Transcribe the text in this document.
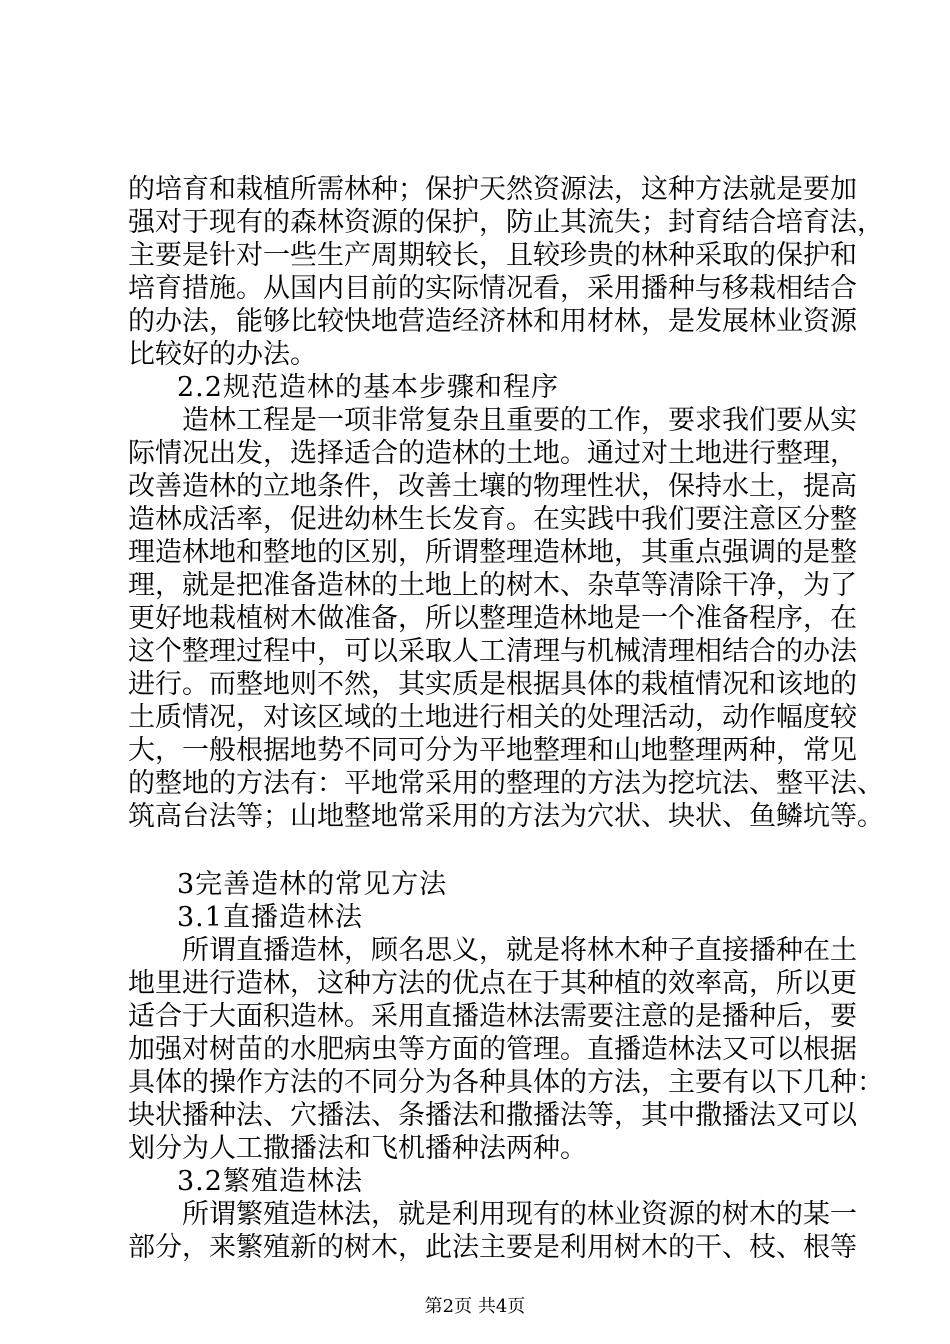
的培育和栽植所需林种；保护天然资源法，这种方法就是要加
强对于现有的森林资源的保护，防止其流失；封育结合培育法，
主要是针对一些生产周期较长，且较珍贵的林种采取的保护和
培育措施。从国内目前的实际情况看，采用播种与移栽相结合
的办法，能够比较快地营造经济林和用材林，是发展林业资源
比较好的办法。
2.2规范造林的基本步骤和程序
造林工程是一项非常复杂且重要的工作，要求我们要从实
际情况出发，选择适合的造林的土地。通过对土地进行整理，
改善造林的立地条件，改善土壤的物理性状，保持水土，提高
造林成活率，促进幼林生长发育。在实践中我们要注意区分整
理造林地和整地的区别，所谓整理造林地，其重点强调的是整
理，就是把准备造林的土地上的树木、杂草等清除干净，为了
更好地栽植树木做准备，所以整理造林地是一个准备程序，在
这个整理过程中，可以采取人工清理与机械清理相结合的办法
进行。而整地则不然，其实质是根据具体的栽植情况和该地的
土质情况，对该区域的土地进行相关的处理活动，动作幅度较
大，一般根据地势不同可分为平地整理和山地整理两种，常见
的整地的方法有：平地常采用的整理的方法为挖坑法、整平法、
筑高台法等；山地整地常采用的方法为穴状、块状、鱼鳞坑等。
3完善造林的常见方法
3.1直播造林法
所谓直播造林，顾名思义，就是将林木种子直接播种在土
地里进行造林，这种方法的优点在于其种植的效率高，所以更
适合于大面积造林。采用直播造林法需要注意的是播种后，要
加强对树苗的水肥病虫等方面的管理。直播造林法又可以根据
具体的操作方法的不同分为各种具体的方法，主要有以下几种：
块状播种法、穴播法、条播法和撒播法等，其中撒播法又可以
划分为人工撒播法和飞机播种法两种。
3.2繁殖造林法
所谓繁殖造林法，就是利用现有的林业资源的树木的某一
部分，来繁殖新的树木，此法主要是利用树木的干、枝、根等
第2页 共4页
